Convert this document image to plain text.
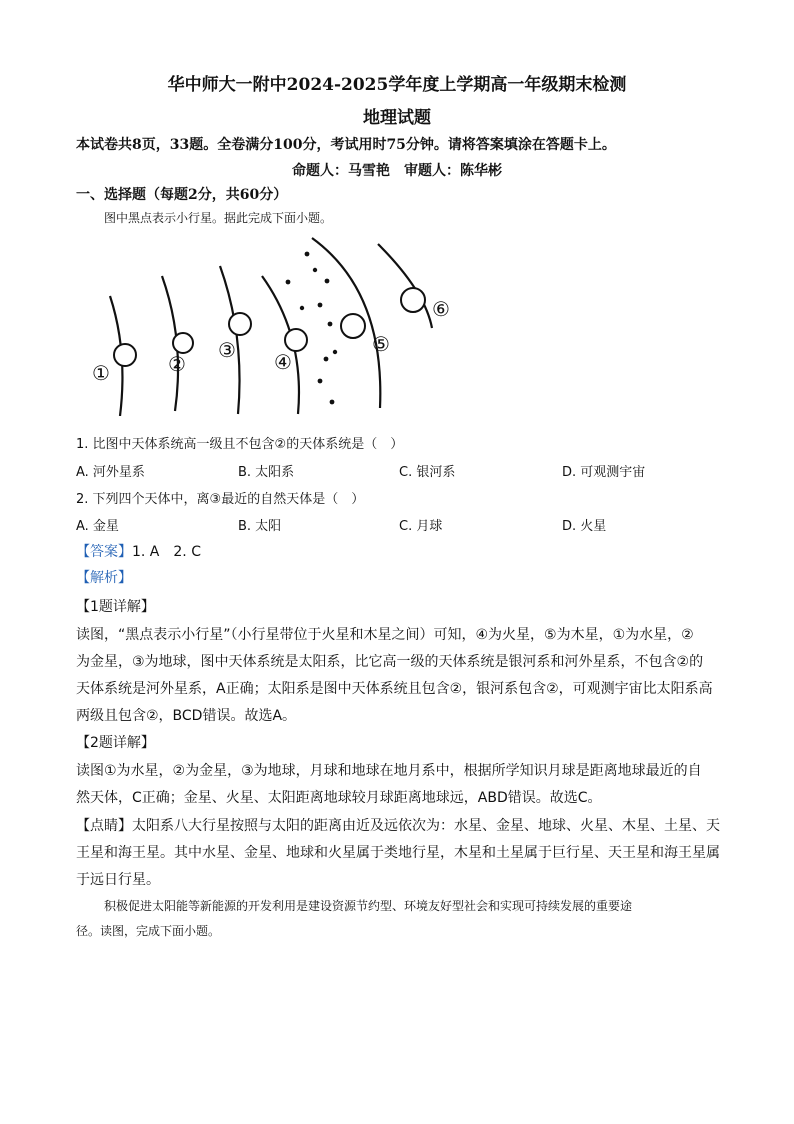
华中师大一附中2024-2025学年度上学期高一年级期末检测
地理试题
本试卷共8页，33题。全卷满分100分，考试用时75分钟。请将答案填涂在答题卡上。
命题人：马雪艳　审题人：陈华彬
一、选择题（每题2分，共60分）
图中黑点表示小行星。据此完成下面小题。
①	②
③ ④
⑤
⑥
1. 比图中天体系统高一级且不包含②的天体系统是（　）
A. 河外星系	B. 太阳系	C. 银河系	D. 可观测宇宙
2. 下列四个天体中，离③最近的自然天体是（　）
A. 金星	B. 太阳	C. 月球	D. 火星
【答案】1. A　2. C
【解析】
【1题详解】
读图，“黑点表示小行星”（小行星带位于火星和木星之间）可知，④为火星，⑤为木星，①为水星，②
为金星，③为地球，图中天体系统是太阳系，比它高一级的天体系统是银河系和河外星系，不包含②的
天体系统是河外星系，A正确；太阳系是图中天体系统且包含②，银河系包含②，可观测宇宙比太阳系高
两级且包含②，BCD错误。故选A。
【2题详解】
读图①为水星，②为金星，③为地球，月球和地球在地月系中，根据所学知识月球是距离地球最近的自
然天体，C正确；金星、火星、太阳距离地球较月球距离地球远，ABD错误。故选C。
【点睛】太阳系八大行星按照与太阳的距离由近及远依次为：水星、金星、地球、火星、木星、土星、天
王星和海王星。其中水星、金星、地球和火星属于类地行星，木星和土星属于巨行星、天王星和海王星属
于远日行星。
积极促进太阳能等新能源的开发利用是建设资源节约型、环境友好型社会和实现可持续发展的重要途
径。读图，完成下面小题。
